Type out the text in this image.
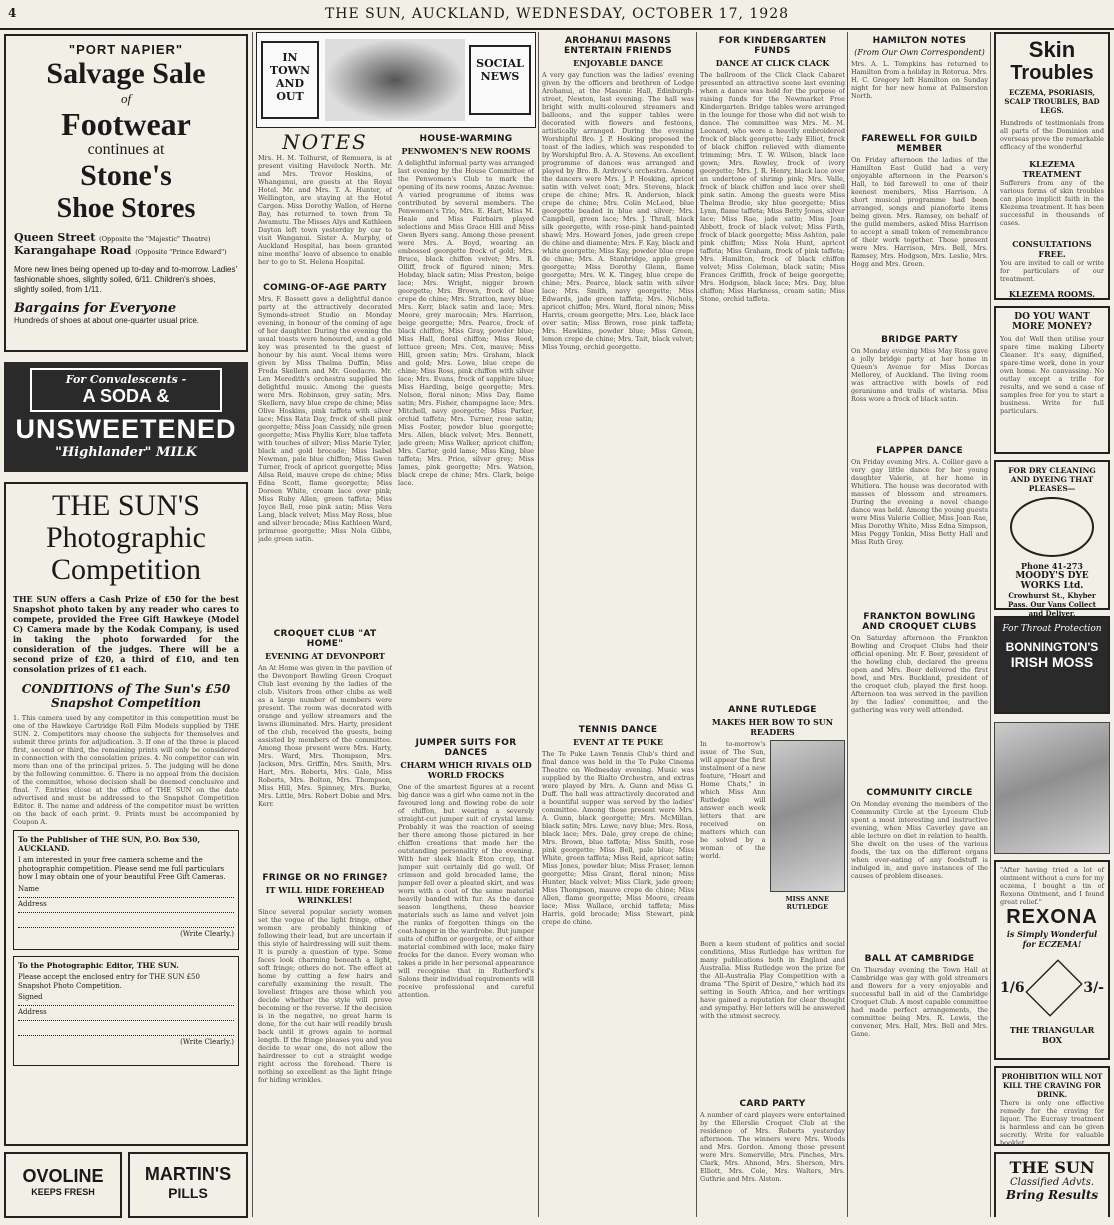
4	THE SUN, AUCKLAND, WEDNESDAY, OCTOBER 17, 1928
"PORT NAPIER"
Salvage Sale
of
Footwear
continues at
Stone's
Shoe Stores
Queen Street (Opposite the "Majestic" Theatre)
Karangahape Road (Opposite "Prince Edward")
More new lines being opened up to-day and to-morrow. Ladies' fashionable shoes, slightly soiled, 6/11. Children's shoes, slightly soiled, from 1/11.
Bargains for Everyone
Hundreds of shoes at about one-quarter usual price.
For Convalescents -
A SODA &
UNSWEETENED
"Highlander" MILK
THE SUN'S
Photographic
Competition
THE SUN offers a Cash Prize of £50 for the best Snapshot photo taken by any reader who cares to compete, provided the Free Gift Hawkeye (Model C) Camera made by the Kodak Company, is used in taking the photo forwarded for the consideration of the judges. There will be a second prize of £20, a third of £10, and ten consolation prizes of £1 each.
CONDITIONS of The Sun's £50 Snapshot Competition
1. This camera used by any competitor in this competition must be one of the Hawkeye Cartridge Roll Film Models supplied by THE SUN. 2. Competitors may choose the subjects for themselves and submit three prints for adjudication. 3. If one of the three is placed first, second or third, the remaining prints will only be considered in connection with the consolation prizes. 4. No competitor can win more than one of the principal prizes. 5. The judging will be done by the following committee. 6. There is no appeal from the decision of the committee, whose decision shall be deemed conclusive and final. 7. Entries close at the office of THE SUN on the date advertised and must be addressed to the Snapshot Competition Editor. 8. The name and address of the competitor must be written on the back of each print. 9. Prints must be accompanied by Coupon A.
To the Publisher of THE SUN, P.O. Box 530, AUCKLAND.
I am interested in your free camera scheme and the photographic competition. Please send me full particulars how I may obtain one of your beautiful Free Gift Cameras.
Name
Address
(Write Clearly.)
To the Photographic Editor, THE SUN.
Please accept the enclosed entry for THE SUN £50 Snapshot Photo Competition.
Signed
Address
(Write Clearly.)
OVOLINE
KEEPS FRESH
MARTIN'S
PILLS
IN TOWN AND OUT
SOCIAL NEWS
NOTES
Mrs. H. M. Tolhurst, of Remuera, is at present visiting Havelock North. Mr. and Mrs. Trevor Hoskins, of Whanganui, are guests at the Royal Hotel. Mr. and Mrs. T. A. Hunter, of Wellington, are staying at the Hotel Cargen. Miss Dorothy Wallon, of Herne Bay, has returned to town from Te Awamutu. The Misses Alys and Kathleen Dayton left town yesterday by car to visit Wanganui. Sister A. Murphy, of Auckland Hospital, has been granted nine months' leave of absence to enable her to go to St. Helena Hospital.
COMING-OF-AGE PARTY
Mrs. F. Bassett gave a delightful dance party at the attractively decorated Symonds-street Studio on Monday evening, in honour of the coming of age of her daughter. During the evening the usual toasts were honoured, and a gold key was presented to the guest of honour by his aunt. Vocal items were given by Miss Thelma Duffin, Miss Freda Skellern and Mr. Goodacre. Mr. Len Meredith's orchestra supplied the delightful music. Among the guests were Mrs. Robinson, grey satin; Mrs. Skellern, navy blue crepe de chine; Miss Olive Hoskins, pink taffeta with silver lace; Miss Rata Day, frock of shell pink georgette; Miss Joan Cassidy, nile green georgette; Miss Phyllis Kerr, blue taffeta with touches of silver; Miss Marie Tyler, black and gold brocade; Miss Isabel Newman, pale blue chiffon; Miss Gwen Turner, frock of apricot georgette; Miss Ailsa Reid, mauve crepe de chine; Miss Edna Scott, flame georgette; Miss Doreen White, cream lace over pink; Miss Ruby Allen, green taffeta; Miss Joyce Bell, rose pink satin; Miss Vera Lang, black velvet; Miss May Ross, blue and silver brocade; Miss Kathleen Ward, primrose georgette; Miss Nola Gibbs, jade green satin.
CROQUET CLUB "AT HOME"
EVENING AT DEVONPORT
An At Home was given in the pavilion of the Devonport Bowling Green Croquet Club last evening by the ladies of the club. Visitors from other clubs as well as a large number of members were present. The room was decorated with orange and yellow streamers and the lawns illuminated. Mrs. Harty, president of the club, received the guests, being assisted by members of the committee. Among those present were Mrs. Harty, Mrs. Ward, Mrs. Thompson, Mrs. Jackson, Mrs. Griffin, Mrs. Smith, Mrs. Hart, Mrs. Roberts, Mrs. Gale, Miss Roberts, Mrs. Bolton, Mrs. Thompson, Miss Hill, Mrs. Spinney, Mrs. Burke, Mrs. Little, Mrs. Robert Dobie and Mrs. Kerr.
FRINGE OR NO FRINGE?
IT WILL HIDE FOREHEAD WRINKLES!
Since several popular society women set the vogue of the light fringe, other women are probably thinking of following their lead, but are uncertain if this style of hairdressing will suit them. It is purely a question of type. Some faces look charming beneath a light, soft fringe; others do not. The effect at home by cutting a few hairs and carefully examining the result. The loveliest fringes are those which you decide whether the style will prove becoming or the reverse. If the decision is in the negative, no great harm is done, for the cut hair will readily brush back until it grows again to normal length. If the fringe pleases you and you decide to wear one, do not allow the hairdresser to cut a straight wedge right across the forehead. There is nothing so excellent as the light fringe for hiding wrinkles.
HOUSE-WARMING
PENWOMEN'S NEW ROOMS
A delightful informal party was arranged last evening by the House Committee of the Penwomen's Club to mark the opening of its new rooms, Anzac Avenue. A varied programme of items was contributed by several members. The Penwomen's Trio, Mrs. E. Hart, Miss M. Heale and Miss Fairbairn played selections and Miss Grace Hill and Miss Gwen Byers sang. Among those present were Mrs. A. Boyd, wearing an embossed georgette frock of gold; Mrs. Bruce, black chiffon velvet; Mrs. R. Olliff, frock of figured ninon; Mrs. Hobday, black satin; Miss Preston, beige lace; Mrs. Wright, nigger brown georgette; Mrs. Brown, frock of blue crepe de chine; Mrs. Stratton, navy blue; Mrs. Kerr, black satin and lace; Mrs. Moore, grey marocain; Mrs. Harrison, beige georgette; Mrs. Pearce, frock of black chiffon; Miss Gray, powder blue; Miss Hall, floral chiffon; Miss Reed, lettuce green; Mrs. Cox, mauve; Miss Hill, green satin; Mrs. Graham, black and gold; Mrs. Lowe, blue crepe de chine; Miss Ross, pink chiffon with silver lace; Mrs. Evans, frock of sapphire blue; Miss Harding, beige georgette; Mrs. Nelson, floral ninon; Miss Day, flame satin; Mrs. Fisher, champagne lace; Mrs. Mitchell, navy georgette; Miss Parker, orchid taffeta; Mrs. Turner, rose satin; Miss Foster, powder blue georgette; Mrs. Allen, black velvet; Mrs. Bennett, jade green; Miss Walker, apricot chiffon; Mrs. Carter, gold lame; Miss King, blue taffeta; Mrs. Price, silver grey; Miss James, pink georgette; Mrs. Watson, black crepe de chine; Mrs. Clark, beige lace.
JUMPER SUITS FOR DANCES
CHARM WHICH RIVALS OLD WORLD FROCKS
One of the smartest figures at a recent big dance was a girl who came not in the favoured long and flowing robe de soir of chiffon, but wearing a severely straight-cut jumper suit of crystal lame. Probably it was the reaction of seeing her there among those pictured in her chiffon creations that made her the outstanding personality of the evening. With her sleek black Eton crop, that jumper suit certainly did go well. Of crimson and gold brocaded lame, the jumper fell over a pleated skirt, and was worn with a coat of the same material heavily banded with fur. As the dance season lengthens, these heavier materials such as lame and velvet join the ranks of forgotten things on the coat-hanger in the wardrobe. But jumper suits of chiffon or georgette, or of either material combined with lace, make fairy frocks for the dance. Every woman who takes a pride in her personal appearance will recognise that in Rutherford's Salons their individual requirements will receive professional and careful attention.
AROHANUI MASONS ENTERTAIN FRIENDS
ENJOYABLE DANCE
A very gay function was the ladies' evening given by the officers and brethren of Lodge Arohanui, at the Masonic Hall, Edinburgh-street, Newton, last evening. The hall was bright with multi-coloured streamers and balloons, and the supper tables were decorated with flowers and festoons, artistically arranged. During the evening Worshipful Bro. J. P. Hosking proposed the toast of the ladies, which was responded to by Worshipful Bro. A. A. Stevens. An excellent programme of dances was arranged and played by Bro. B. Ardrow's orchestra. Among the dancers were Mrs. J. P. Hosking, apricot satin with velvet coat; Mrs. Stevens, black crepe de chine; Mrs. R. Anderson, black crepe de chine; Mrs. Colin McLeod, blue georgette beaded in blue and silver; Mrs. Campbell, green lace; Mrs. J. Thrall, black silk georgette, with rose-pink hand-painted shawl; Mrs. Howard Jones, jade green crepe de chine and diamente; Mrs. F. Kay, black and white georgette; Miss Kay, powder blue crepe de chine; Mrs. A. Stanbridge, apple green georgette; Miss Dorothy Glenn, flame georgette; Mrs. W. K. Tingey, blue crepe de chine; Mrs. Pearce, black satin with silver lace; Mrs. Smith, navy georgette; Miss Edwards, jade green taffeta; Mrs. Nichols, apricot chiffon; Mrs. Ward, floral ninon; Miss Harris, cream georgette; Mrs. Lee, black lace over satin; Miss Brown, rose pink taffeta; Mrs. Hawkins, powder blue; Miss Green, lemon crepe de chine; Mrs. Tait, black velvet; Miss Young, orchid georgette.
TENNIS DANCE
EVENT AT TE PUKE
The Te Puke Lawn Tennis Club's third and final dance was held in the Te Puke Cinema Theatre on Wednesday evening. Music was supplied by the Rialto Orchestra, and extras were played by Mrs. A. Gunn and Miss G. Duff. The hall was attractively decorated and a bountiful supper was served by the ladies' committee. Among those present were Mrs. A. Gunn, black georgette; Mrs. McMillan, black satin; Mrs. Lowe, navy blue; Mrs. Ross, black lace; Mrs. Dale, grey crepe de chine; Mrs. Brown, blue taffeta; Miss Smith, rose pink georgette; Miss Bell, pale blue; Miss White, green taffeta; Miss Reid, apricot satin; Miss Jones, powder blue; Miss Fraser, lemon georgette; Miss Grant, floral ninon; Miss Hunter, black velvet; Miss Clark, jade green; Miss Thompson, mauve crepe de chine; Miss Allen, flame georgette; Miss Moore, cream lace; Miss Wallace, orchid taffeta; Miss Harris, gold brocade; Miss Stewart, pink crepe de chine.
FOR KINDERGARTEN FUNDS
DANCE AT CLICK CLACK
The ballroom of the Click Clack Cabaret presented an attractive scene last evening when a dance was held for the purpose of raising funds for the Newmarket Free Kindergarten. Bridge tables were arranged in the lounge for those who did not wish to dance. The committee was Mrs. M. M. Leonard, who wore a heavily embroidered frock of black georgette; Lady Elliot, frock of black chiffon relieved with diamente trimming; Mrs. T. W. Wilson, black lace gown; Mrs. Rowley, frock of ivory georgette; Mrs. J. R. Henry, black lace over an undertone of shrimp pink; Mrs. Valle, frock of black chiffon and lace over shell pink satin. Among the guests were Miss Thelma Brodie, sky blue georgette; Miss Lynn, flame taffeta; Miss Betty Jones, silver lace; Miss Rae, jade satin; Miss Joan Abbott, frock of black velvet; Miss Firth, frock of black georgette; Miss Ashton, pale pink chiffon; Miss Nola Hunt, apricot taffeta; Miss Graham, frock of pink taffeta; Mrs. Hamilton, frock of black chiffon velvet; Miss Coleman, black satin; Miss Frances Griffith, frock of beige georgette; Mrs. Hodgson, black lace; Mrs. Day, blue chiffon; Miss Harkness, cream satin; Miss Stone, orchid taffeta.
ANNE RUTLEDGE
MAKES HER BOW TO SUN READERS
In to-morrow's issue of The Sun, will appear the first instalment of a new feature, "Heart and Home Chats," in which Miss Ann Rutledge will answer each week letters that are received on matters which can be solved by a woman of the world.
MISS ANNE RUTLEDGE
Born a keen student of politics and social conditions, Miss Rutledge has written for many publications both in England and Australia. Miss Rutledge won the prize for the All-Australia Play Competition with a drama "The Spirit of Desire," which had its setting in South Africa, and her writings have gained a reputation for clear thought and sympathy. Her letters will be answered with the utmost secrecy.
CARD PARTY
A number of card players were entertained by the Ellerslie Croquet Club at the residence of Mrs. Roberts yesterday afternoon. The winners were Mrs. Woods and Mrs. Gordon. Among those present were Mrs. Somerville, Mrs. Pinches, Mrs. Clark, Mrs. Ahnond, Mrs. Sherson, Mrs. Elliott, Mrs. Cole, Mrs. Walters, Mrs. Guthrie and Mrs. Alston.
HAMILTON NOTES
(From Our Own Correspondent)
Mrs. A. L. Tompkins has returned to Hamilton from a holiday in Rotorua. Mrs. H. C. Gregory left Hamilton on Sunday night for her new home at Palmerston North.
FAREWELL FOR GUILD MEMBER
On Friday afternoon the ladies of the Hamilton East Guild had a very enjoyable afternoon in the Pearson's Hall, to bid farewell to one of their keenest members, Miss Harrison. A short musical programme had been arranged, songs and pianoforte items being given. Mrs. Ramsey, on behalf of the guild members, asked Miss Harrison to accept a small token of remembrance of their work together. Those present were Mrs. Harrison, Mrs. Bell, Mrs. Ramsey, Mrs. Hodgson, Mrs. Leslie, Mrs. Hogg and Mrs. Green.
BRIDGE PARTY
On Monday evening Miss May Ross gave a jolly bridge party at her home in Queen's Avenue for Miss Dorcas Mellorey, of Auckland. The living room was attractive with bowls of red geraniums and trails of wistaria. Miss Ross wore a frock of black satin.
FLAPPER DANCE
On Friday evening Mrs. A. Collier gave a very gay little dance for her young daughter Valerie, at her home in Whitiora. The house was decorated with masses of blossom and streamers. During the evening a novel change dance was held. Among the young guests were Miss Valerie Collier, Miss Joan Rae, Miss Dorothy White, Miss Edna Simpson, Miss Peggy Tonkin, Miss Betty Hall and Miss Ruth Grey.
FRANKTON BOWLING AND CROQUET CLUBS
On Saturday afternoon the Frankton Bowling and Croquet Clubs had their official opening. Mr. F. Beer, president of the bowling club, declared the greens open and Mrs. Beer delivered the first bowl, and Mrs. Buckland, president of the croquet club, played the first hoop. Afternoon tea was served in the pavilion by the ladies' committee, and the gathering was very well attended.
COMMUNITY CIRCLE
On Monday evening the members of the Community Circle at the Lyceum Club spent a most interesting and instructive evening, when Miss Caverley gave an able lecture on diet in relation to health. She dwelt on the uses of the various foods, the tax on the different organs when over-eating of any foodstuff is indulged in, and gave instances of the causes of problem diseases.
BALL AT CAMBRIDGE
On Thursday evening the Town Hall at Cambridge was gay with gold streamers and flowers for a very enjoyable and successful ball in aid of the Cambridge Croquet Club. A most capable committee had made perfect arrangements, the committee being Mrs. R. Lewis, the convener, Mrs. Hall, Mrs. Bell and Mrs. Gane.
Skin
Troubles
ECZEMA, PSORIASIS, SCALP TROUBLES, BAD LEGS.
Hundreds of testimonials from all parts of the Dominion and overseas prove the remarkable efficacy of the wonderful
KLEZEMA TREATMENT
Sufferers from any of the various forms of skin troubles can place implicit faith in the Klezema treatment. It has been successful in thousands of cases.
CONSULTATIONS FREE.
You are invited to call or write for particulars of our treatment.
KLEZEMA ROOMS.
DO YOU WANT MORE MONEY?
You do! Well then utilise your spare time making Liberty Cleaner. It's easy, dignified, spare-time work, done in your own home. No canvassing. No outlay except a trifle for results, and we send a case of samples free for you to start a business. Write for full particulars.
FOR DRY CLEANING AND DYEING THAT PLEASES—
Phone 41-273
MOODY'S DYE WORKS Ltd.
Crowhurst St., Khyber Pass. Our Vans Collect and Deliver.
For Throat Protection
BONNINGTON'S
IRISH MOSS
"After having tried a lot of ointment without a cure for my eczema, I bought a tin of Rexona Ointment, and I found great relief."
REXONA
is Simply Wonderful for ECZEMA!
1/6	3/-
THE TRIANGULAR BOX
PROHIBITION WILL NOT KILL THE CRAVING FOR DRINK.
There is only one effective remedy for the craving for liquor. The Eucrasy treatment is harmless and can be given secretly. Write for valuable booklet.
THE SUN
Classified Advts.
Bring Results
